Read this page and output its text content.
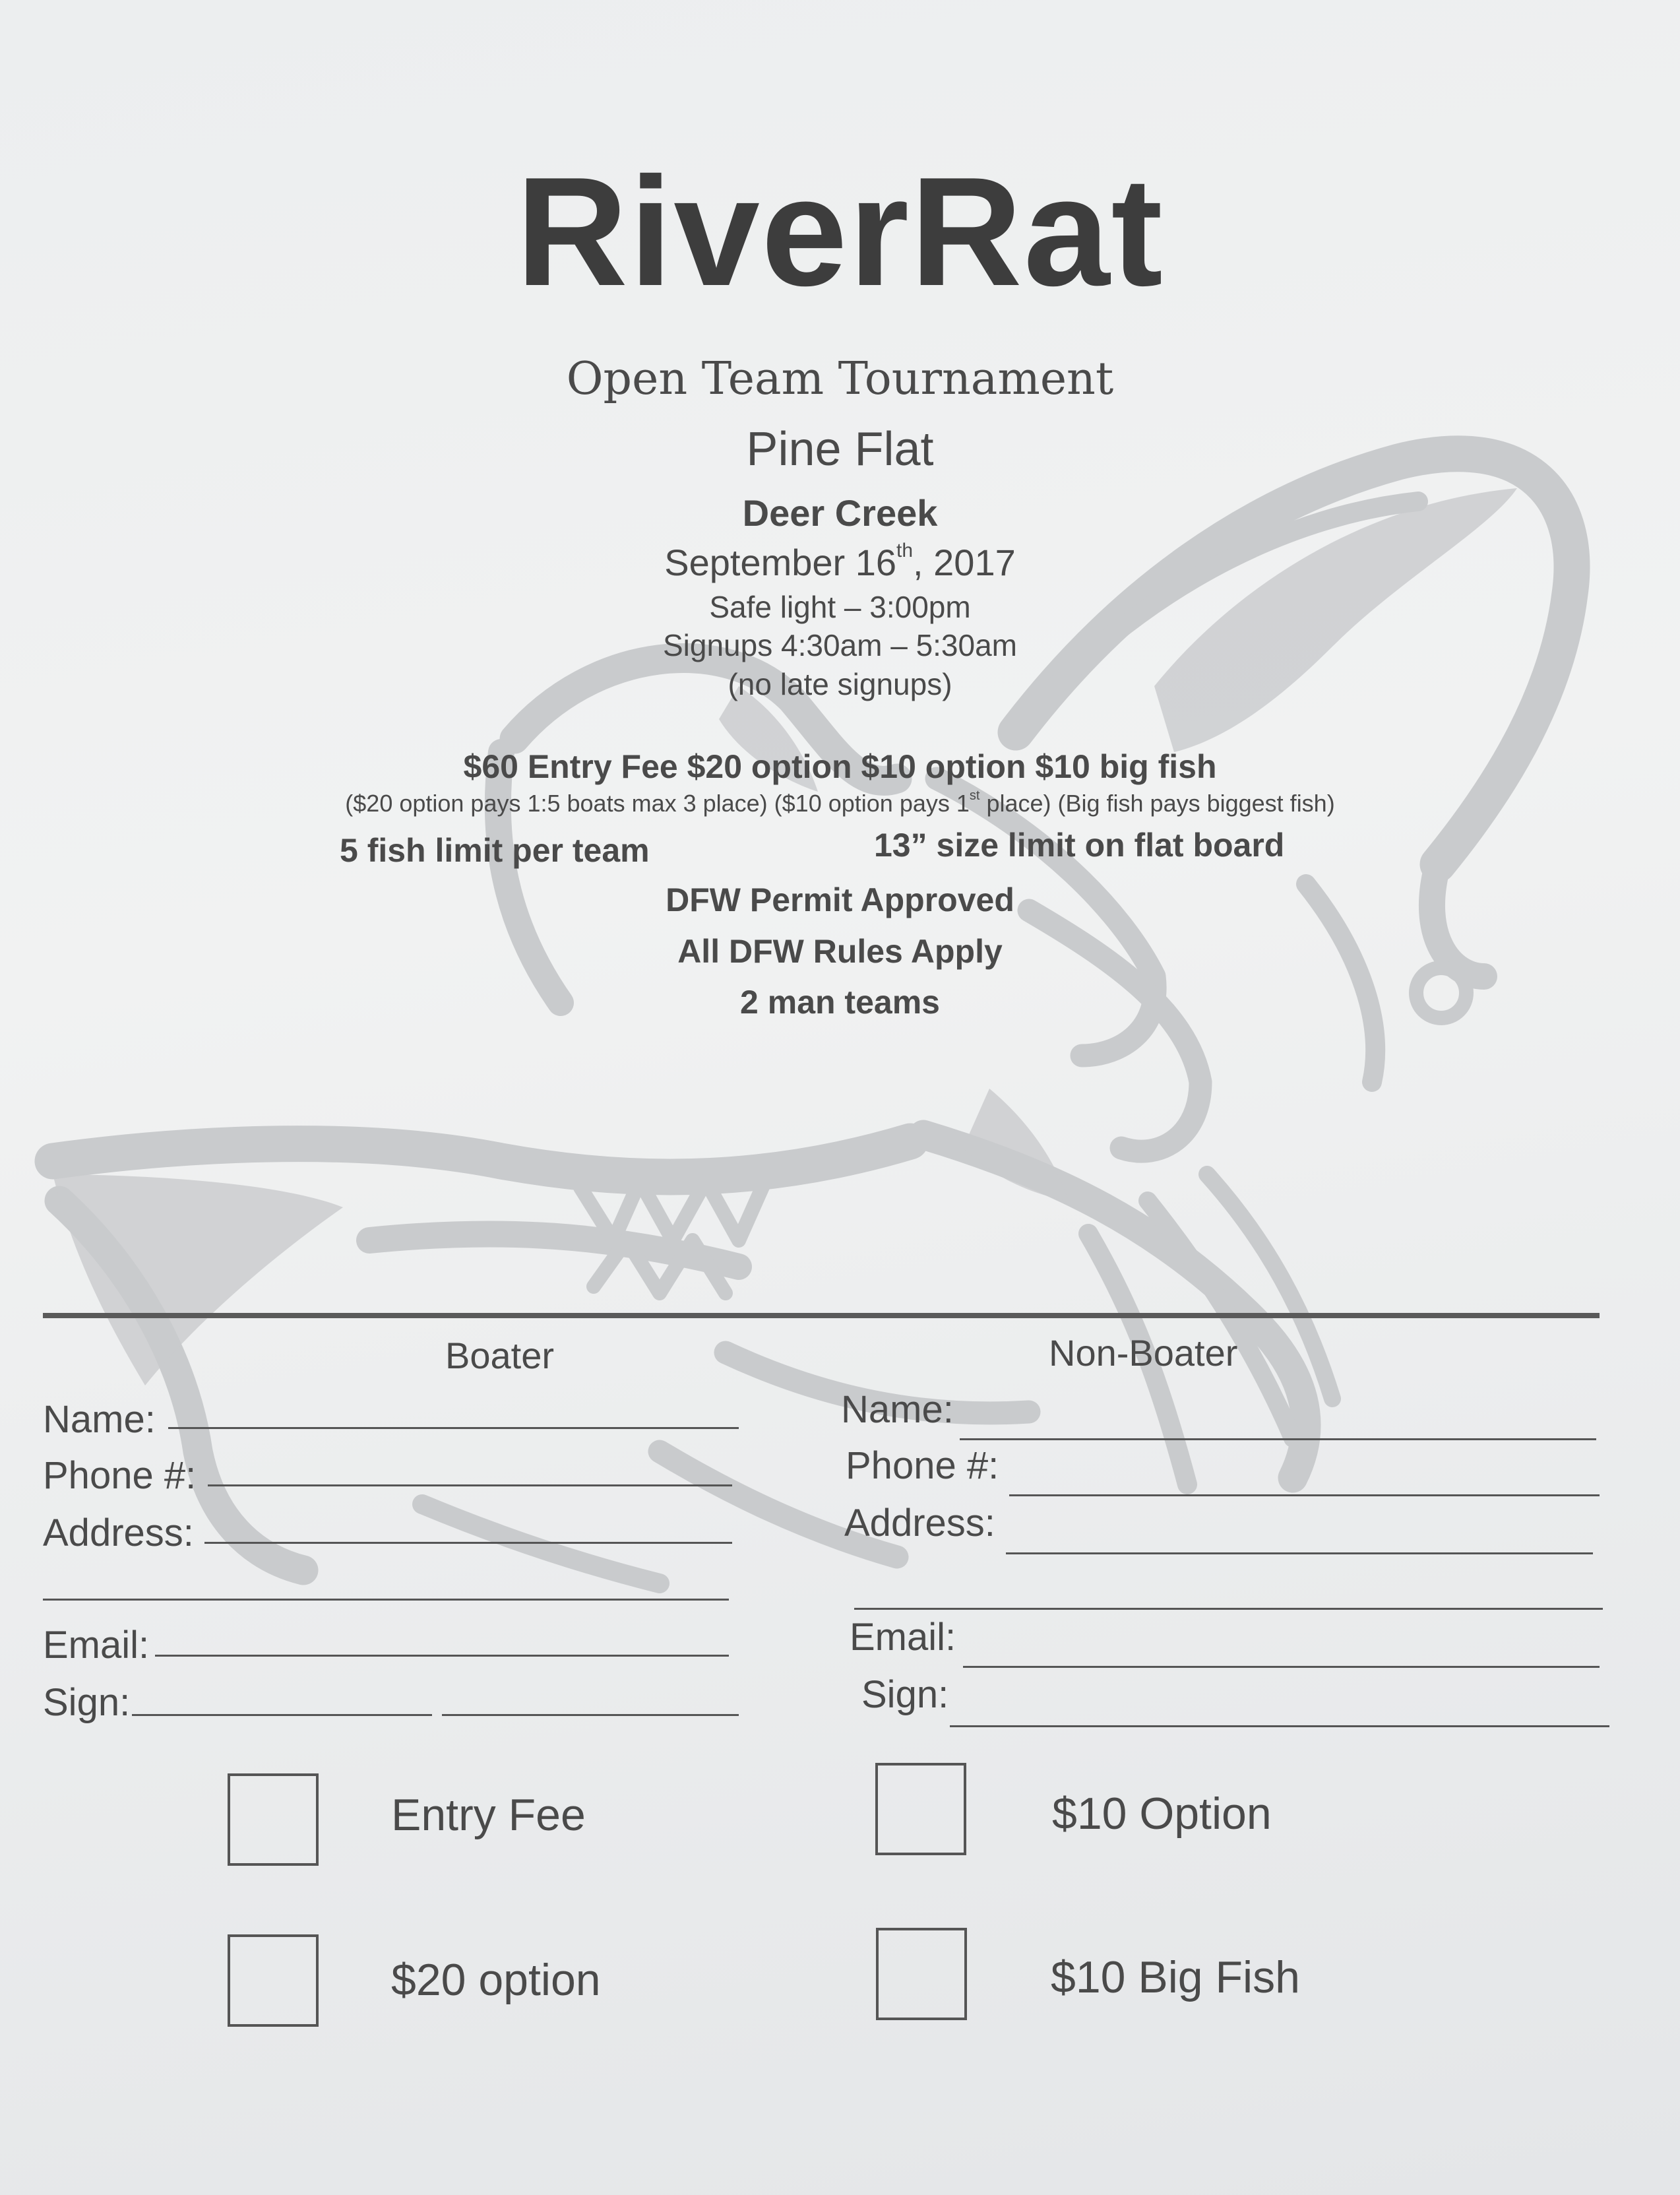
RiverRat
Open Team Tournament
Pine Flat
Deer Creek
September 16th, 2017
Safe light – 3:00pm
Signups 4:30am – 5:30am
(no late signups)
$60 Entry Fee $20 option $10 option $10 big fish
($20 option pays 1:5 boats max 3 place) ($10 option pays 1st place) (Big fish pays biggest fish)
5 fish limit per team	13” size limit on flat board
DFW Permit Approved
All DFW Rules Apply
2 man teams
Boater	Non-Boater
Name:
Phone #:
Address:
Email:
Sign:
Name:
Phone #:
Address:
Email:
Sign:
Entry Fee
$20 option
$10 Option
$10 Big Fish
